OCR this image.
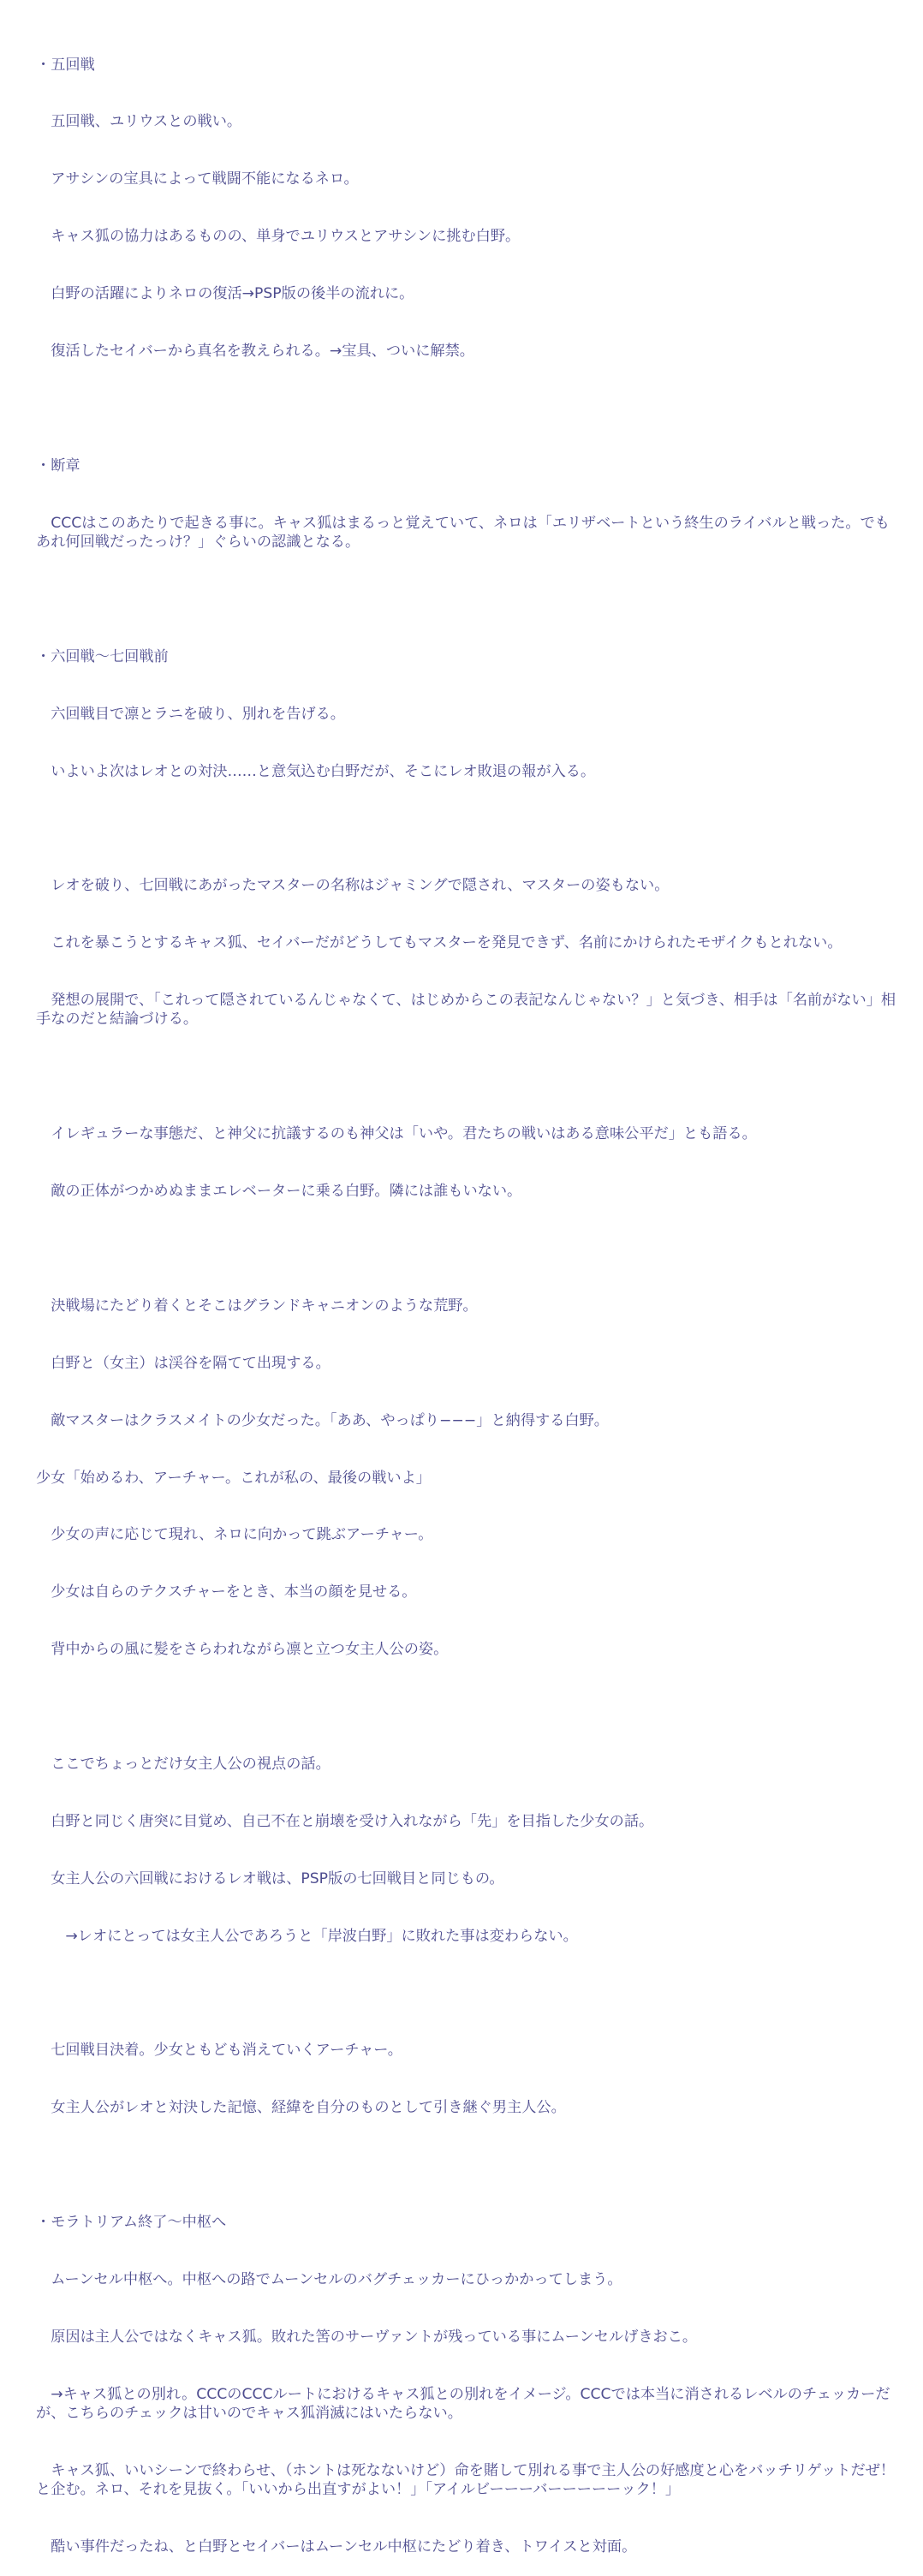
・五回戦

　五回戦、ユリウスとの戦い。

　アサシンの宝具によって戦闘不能になるネロ。

　キャス狐の協力はあるものの、単身でユリウスとアサシンに挑む白野。

　白野の活躍によりネロの復活→PSP版の後半の流れに。

　復活したセイバーから真名を教えられる。→宝具、ついに解禁。

・断章

　CCCはこのあたりで起きる事に。キャス狐はまるっと覚えていて、ネロは「エリザベートという終生のライバルと戦った。でもあれ何回戦だったっけ？」ぐらいの認識となる。

・六回戦〜七回戦前

　六回戦目で凛とラニを破り、別れを告げる。

　いよいよ次はレオとの対決……と意気込む白野だが、そこにレオ敗退の報が入る。

　レオを破り、七回戦にあがったマスターの名称はジャミングで隠され、マスターの姿もない。

　これを暴こうとするキャス狐、セイバーだがどうしてもマスターを発見できず、名前にかけられたモザイクもとれない。

　発想の展開で、「これって隠されているんじゃなくて、はじめからこの表記なんじゃない？」と気づき、相手は「名前がない」相手なのだと結論づける。

　イレギュラーな事態だ、と神父に抗議するのも神父は「いや。君たちの戦いはある意味公平だ」とも語る。

　敵の正体がつかめぬままエレベーターに乗る白野。隣には誰もいない。

　決戦場にたどり着くとそこはグランドキャニオンのような荒野。

　白野と（女主）は渓谷を隔てて出現する。

　敵マスターはクラスメイトの少女だった。「ああ、やっぱり−−−」と納得する白野。

少女「始めるわ、アーチャー。これが私の、最後の戦いよ」

　少女の声に応じて現れ、ネロに向かって跳ぶアーチャー。

　少女は自らのテクスチャーをとき、本当の顔を見せる。

　背中からの風に髪をさらわれながら凛と立つ女主人公の姿。

　ここでちょっとだけ女主人公の視点の話。

　白野と同じく唐突に目覚め、自己不在と崩壊を受け入れながら「先」を目指した少女の話。

　女主人公の六回戦におけるレオ戦は、PSP版の七回戦目と同じもの。

　　→レオにとっては女主人公であろうと「岸波白野」に敗れた事は変わらない。

　七回戦目決着。少女ともども消えていくアーチャー。

　女主人公がレオと対決した記憶、経緯を自分のものとして引き継ぐ男主人公。

・モラトリアム終了〜中枢へ

　ムーンセル中枢へ。中枢への路でムーンセルのバグチェッカーにひっかかってしまう。

　原因は主人公ではなくキャス狐。敗れた筈のサーヴァントが残っている事にムーンセルげきおこ。

　→キャス狐との別れ。CCCのCCCルートにおけるキャス狐との別れをイメージ。CCCでは本当に消されるレベルのチェッカーだが、こちらのチェックは甘いのでキャス狐消滅にはいたらない。

　キャス狐、いいシーンで終わらせ、（ホントは死なないけど）命を賭して別れる事で主人公の好感度と心をバッチリゲットだぜ！と企む。ネロ、それを見抜く。「いいから出直すがよい！」「アイルビーーーバーーーーーック！」

　酷い事件だったね、と白野とセイバーはムーンセル中枢にたどり着き、トワイスと対面。
